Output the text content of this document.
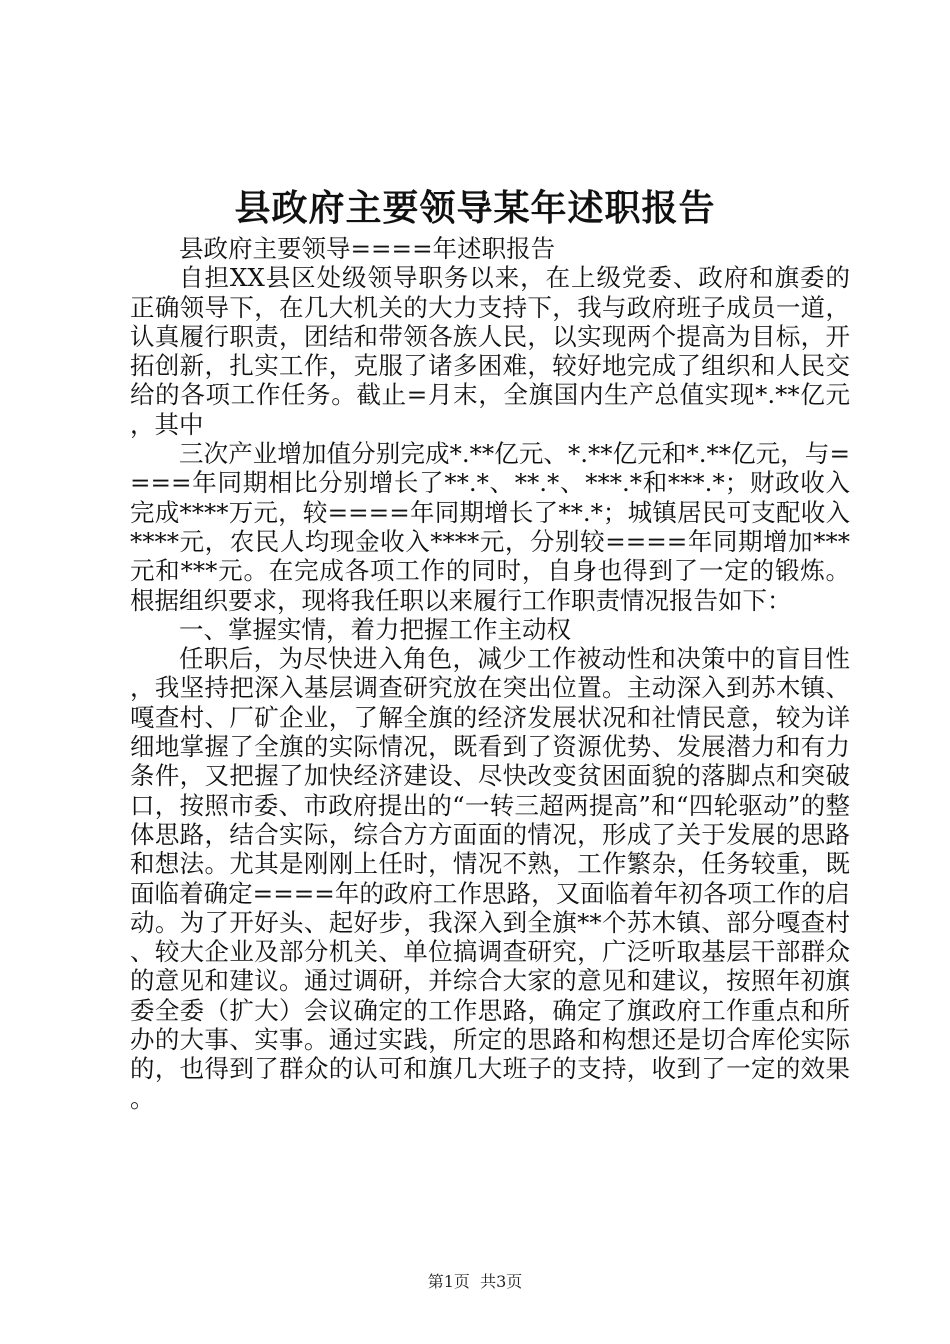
县政府主要领导某年述职报告

县政府主要领导====年述职报告

自担XX县区处级领导职务以来，在上级党委、政府和旗委的正确领导下，在几大机关的大力支持下，我与政府班子成员一道，认真履行职责，团结和带领各族人民，以实现两个提高为目标，开拓创新，扎实工作，克服了诸多困难，较好地完成了组织和人民交给的各项工作任务。截止=月末，全旗国内生产总值实现*.**亿元，其中

三次产业增加值分别完成*.**亿元、*.**亿元和*.**亿元，与====年同期相比分别增长了**.*、**.*、***.*和***.*；财政收入完成****万元，较====年同期增长了**.*；城镇居民可支配收入****元，农民人均现金收入****元，分别较====年同期增加***元和***元。在完成各项工作的同时，自身也得到了一定的锻炼。根据组织要求，现将我任职以来履行工作职责情况报告如下：

一、掌握实情，着力把握工作主动权

任职后，为尽快进入角色，减少工作被动性和决策中的盲目性，我坚持把深入基层调查研究放在突出位置。主动深入到苏木镇、嘎查村、厂矿企业，了解全旗的经济发展状况和社情民意，较为详细地掌握了全旗的实际情况，既看到了资源优势、发展潜力和有力条件，又把握了加快经济建设、尽快改变贫困面貌的落脚点和突破口，按照市委、市政府提出的“一转三超两提高”和“四轮驱动”的整体思路，结合实际，综合方方面面的情况，形成了关于发展的思路和想法。尤其是刚刚上任时，情况不熟，工作繁杂，任务较重，既面临着确定====年的政府工作思路，又面临着年初各项工作的启动。为了开好头、起好步，我深入到全旗**个苏木镇、部分嘎查村、较大企业及部分机关、单位搞调查研究，广泛听取基层干部群众的意见和建议。通过调研，并综合大家的意见和建议，按照年初旗委全委（扩大）会议确定的工作思路，确定了旗政府工作重点和所办的大事、实事。通过实践，所定的思路和构想还是切合库伦实际的，也得到了群众的认可和旗几大班子的支持，收到了一定的效果。

第1页  共3页
